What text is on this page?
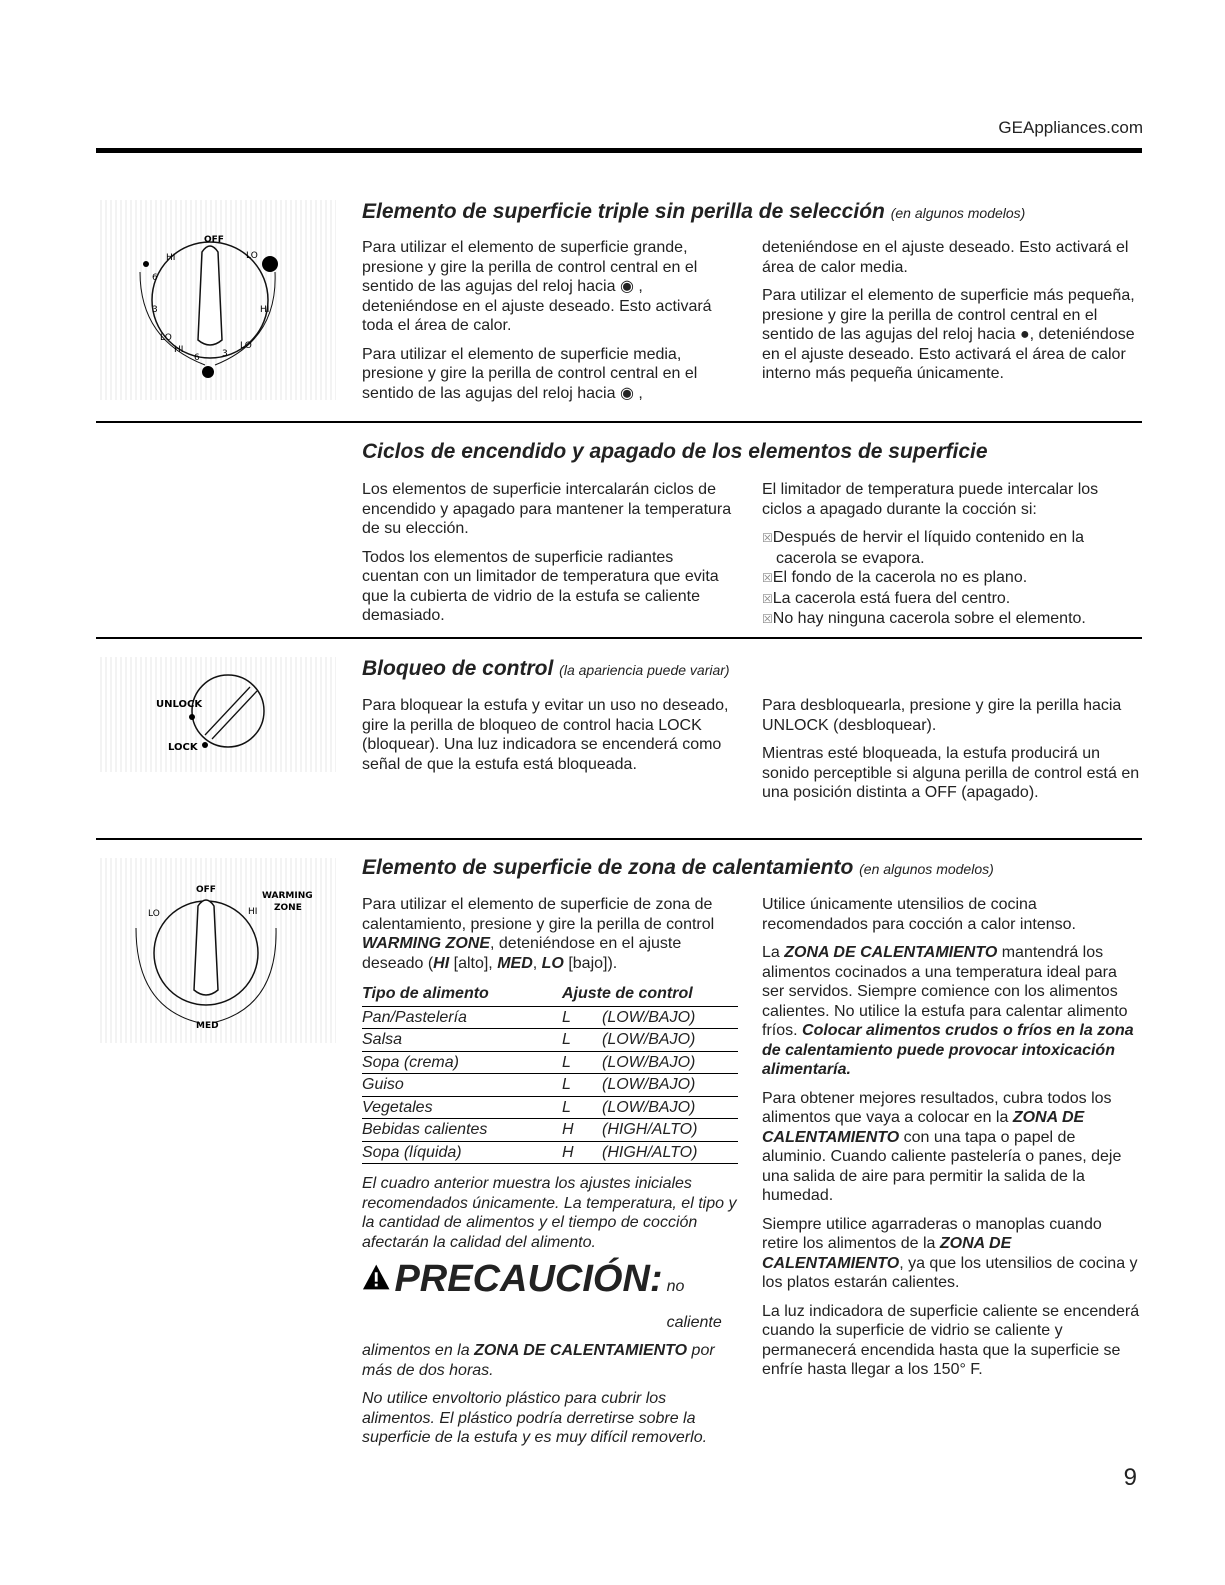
GEAppliances.com
OFF
HI	LO
6
3	HI
LO
3
6
LO
HI
Elemento de superficie triple sin perilla de selección (en algunos modelos)

Para utilizar el elemento de superficie grande, presione y gire la perilla de control central en el sentido de las agujas del reloj hacia ◉ , deteniéndose en el ajuste deseado. Esto activará toda el área de calor.

Para utilizar el elemento de superficie media, presione y gire la perilla de control central en el sentido de las agujas del reloj hacia ◉ ,

deteniéndose en el ajuste deseado. Esto activará el área de calor media.

Para utilizar el elemento de superficie más pequeña, presione y gire la perilla de control central en el sentido de las agujas del reloj hacia ●, deteniéndose en el ajuste deseado. Esto activará el área de calor interno más pequeña únicamente.

Ciclos de encendido y apagado de los elementos de superficie

Los elementos de superficie intercalarán ciclos de encendido y apagado para mantener la temperatura de su elección.

Todos los elementos de superficie radiantes cuentan con un limitador de temperatura que evita que la cubierta de vidrio de la estufa se caliente demasiado.

El limitador de temperatura puede intercalar los ciclos a apagado durante la cocción si:

☒ Después de hervir el líquido contenido en la cacerola se evapora.
☒ El fondo de la cacerola no es plano.
☒ La cacerola está fuera del centro.
☒ No hay ninguna cacerola sobre el elemento.
UNLOCK
LOCK
Bloqueo de control (la apariencia puede variar)

Para bloquear la estufa y evitar un uso no deseado, gire la perilla de bloqueo de control hacia LOCK (bloquear). Una luz indicadora se encenderá como señal de que la estufa está bloqueada.

Para desbloquearla, presione y gire la perilla hacia UNLOCK (desbloquear).

Mientras esté bloqueada, la estufa producirá un sonido perceptible si alguna perilla de control está en una posición distinta a OFF (apagado).

OFF
WARMING
ZONE
LO	HI
MED
Elemento de superficie de zona de calentamiento (en algunos modelos)

Para utilizar el elemento de superficie de zona de calentamiento, presione y gire la perilla de control WARMING ZONE, deteniéndose en el ajuste deseado (HI [alto], MED, LO [bajo]).

Tipo de alimento	Ajuste de control	
Pan/Pastelería	L	(LOW/BAJO)
Salsa	L	(LOW/BAJO)
Sopa (crema)	L	(LOW/BAJO)
Guiso	L	(LOW/BAJO)
Vegetales	L	(LOW/BAJO)
Bebidas calientes	H	(HIGH/ALTO)
Sopa (líquida)	H	(HIGH/ALTO)

El cuadro anterior muestra los ajustes iniciales recomendados únicamente. La temperatura, el tipo y la cantidad de alimentos y el tiempo de cocción afectarán la calidad del alimento.

PRECAUCIÓN: no caliente

alimentos en la ZONA DE CALENTAMIENTO por más de dos horas.

No utilice envoltorio plástico para cubrir los alimentos. El plástico podría derretirse sobre la superficie de la estufa y es muy difícil removerlo.

Utilice únicamente utensilios de cocina recomendados para cocción a calor intenso.

La ZONA DE CALENTAMIENTO mantendrá los alimentos cocinados a una temperatura ideal para ser servidos. Siempre comience con los alimentos calientes. No utilice la estufa para calentar alimento fríos. Colocar alimentos crudos o fríos en la zona de calentamiento puede provocar intoxicación alimentaría.

Para obtener mejores resultados, cubra todos los alimentos que vaya a colocar en la ZONA DE CALENTAMIENTO con una tapa o papel de aluminio. Cuando caliente pastelería o panes, deje una salida de aire para permitir la salida de la humedad.

Siempre utilice agarraderas o manoplas cuando retire los alimentos de la ZONA DE CALENTAMIENTO, ya que los utensilios de cocina y los platos estarán calientes.

La luz indicadora de superficie caliente se encenderá cuando la superficie de vidrio se caliente y permanecerá encendida hasta que la superficie se enfríe hasta llegar a los 150° F.

9
